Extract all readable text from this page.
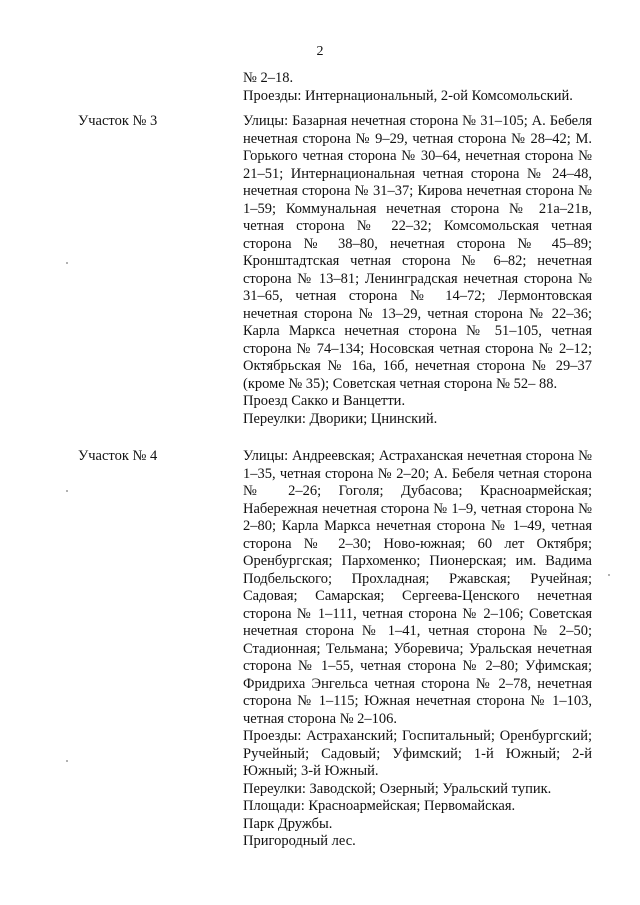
2

№ 2–18.

Проезды: Интернациональный, 2-ой Комсомольский.

Участок № 3	Улицы: Базарная нечетная сторона № 31–105; А. Бебеля нечетная сторона № 9–29, четная сторона № 28–42; М. Горького четная сторона № 30–64, нечетная сторона № 21–51; Интернациональная четная сторона № 24–48, нечетная сторона № 31–37; Кирова нечетная сторона № 1–59; Коммунальная нечетная сторона № 21а–21в, четная сторона № 22–32; Комсомольская четная сторона № 38–80, нечетная сторона № 45–89; Кронштадтская четная сторона № 6–82; нечетная сторона № 13–81; Ленинградская нечетная сторона № 31–65, четная сторона № 14–72; Лермонтовская нечетная сторона № 13–29, четная сторона № 22–36; Карла Маркса нечетная сторона № 51–105, четная сторона № 74–134; Носовская четная сторона № 2–12; Октябрьская № 16а, 16б, нечетная сторона № 29–37 (кроме № 35); Советская четная сторона № 52– 88.

Проезд Сакко и Ванцетти.

Переулки: Дворики; Цнинский.

Участок № 4	Улицы: Андреевская; Астраханская нечетная сторона № 1–35, четная сторона № 2–20; А. Бебеля четная сторона № 2–26; Гоголя; Дубасова; Красноармейская; Набережная нечетная сторона № 1–9, четная сторона № 2–80; Карла Маркса нечетная сторона № 1–49, четная сторона № 2–30; Ново-южная; 60 лет Октября; Оренбургская; Пархоменко; Пионерская; им. Вадима Подбельского; Прохладная; Ржавская; Ручейная; Садовая; Самарская; Сергеева-Ценского нечетная сторона № 1–111, четная сторона № 2–106; Советская нечетная сторона № 1–41, четная сторона № 2–50; Стадионная; Тельмана; Уборевича; Уральская нечетная сторона № 1–55, четная сторона № 2–80; Уфимская; Фридриха Энгельса четная сторона № 2–78, нечетная сторона № 1–115; Южная нечетная сторона № 1–103, четная сторона № 2–106.

Проезды: Астраханский; Госпитальный; Оренбургский; Ручейный; Садовый; Уфимский; 1-й Южный; 2-й Южный; 3-й Южный.

Переулки: Заводской; Озерный; Уральский тупик.

Площади: Красноармейская; Первомайская.

Парк Дружбы.

Пригородный лес.
